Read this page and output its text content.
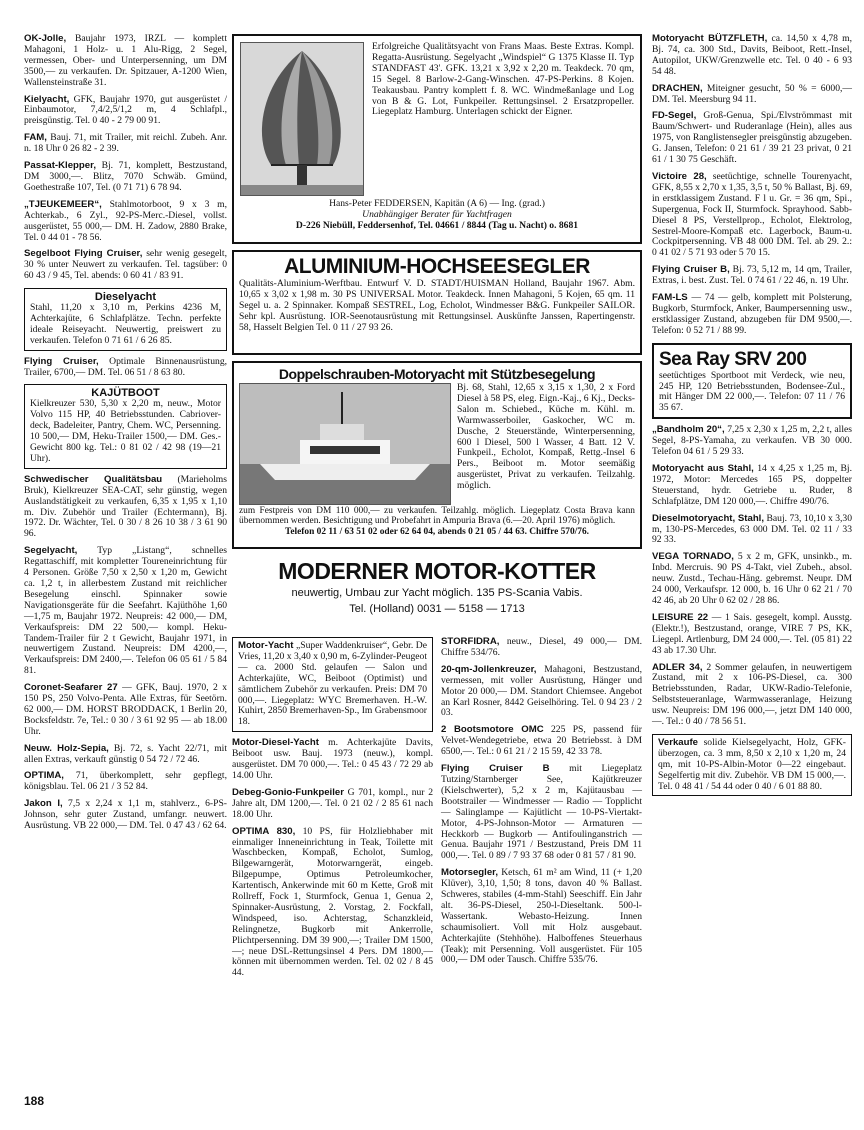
OK-Jolle, Baujahr 1973, IRZL — komplett Mahagoni, 1 Holz- u. 1 Alu-Rigg, 2 Segel, vermessen, Ober- und Unterpersenning, um DM 3500,— zu verkaufen. Dr. Spitzauer, A-1200 Wien, Wallensteinstraße 31.
Kielyacht, GFK, Baujahr 1970, gut ausgerüstet / Einbaumotor, 7,4/2,5/1,2 m, 4 Schlafpl., preisgünstig. Tel. 0 40 - 2 79 00 91.
FAM, Bauj. 71, mit Trailer, mit reichl. Zubeh. Anr. n. 18 Uhr 0 26 82 - 2 39.
Passat-Klepper, Bj. 71, komplett, Bestzustand, DM 3000,—. Blitz, 7070 Schwäb. Gmünd, Goethestraße 107, Tel. (0 71 71) 6 78 94.
„TJEUKEMEER“, Stahlmotorboot, 9 x 3 m, Achterkab., 6 Zyl., 92-PS-Merc.-Diesel, vollst. ausgerüstet, 55 000,— DM. H. Zadow, 2880 Brake, Tel. 0 44 01 - 78 56.
Segelboot Flying Cruiser, sehr wenig gesegelt, 30 % unter Neuwert zu verkaufen. Tel. tagsüber: 0 60 43 / 9 45, Tel. abends: 0 60 41 / 83 91.
Dieselyacht
Stahl, 11,20 x 3,10 m, Perkins 4236 M, Achterkajüte, 6 Schlafplätze. Techn. perfekte ideale Reiseyacht. Neuwertig, preiswert zu verkaufen. Telefon 0 71 61 / 6 26 85.
Flying Cruiser, Optimale Binnenausrüstung, Trailer, 6700,— DM. Tel. 06 51 / 8 63 80.
KAJÜTBOOT
Kielkreuzer 530, 5,30 x 2,20 m, neuw., Motor Volvo 115 HP, 40 Betriebsstunden. Cabriover-deck, Badeleiter, Pantry, Chem. WC, Persenning. 10 500,— DM, Heku-Trailer 1500,— DM. Ges.-Gewicht 800 kg. Tel.: 0 81 02 / 42 98 (19—21 Uhr).
Schwedischer Qualitätsbau (Marieholms Bruk), Kielkreuzer SEA-CAT, sehr günstig, wegen Auslandstätigkeit zu verkaufen, 6,35 x 1,95 x 1,10 m. Div. Zubehör und Trailer (Echtermann), Bj. 1972. Dr. Wächter, Tel. 0 30 / 8 26 10 38 / 3 61 90 96.
Segelyacht, Typ „Listang“, schnelles Regattaschiff, mit kompletter Toureneinrichtung für 4 Personen. Größe 7,50 x 2,50 x 1,20 m, Gewicht ca. 1,2 t, in allerbestem Zustand mit reichlicher Besegelung einschl. Spinnaker sowie Navigationsgeräte für die Seefahrt. Kajüthöhe 1,60—1,75 m, Baujahr 1972. Neupreis: 42 000,— DM, Verkaufspreis: DM 22 500,— kompl. Heku-Tandem-Trailer für 2 t Gewicht, Baujahr 1971, in neuwertigem Zustand. Neupreis: DM 4200,—, Verkaufspreis: DM 2400,—. Telefon 06 05 61 / 5 84 81.
Coronet-Seafarer 27 — GFK, Bauj. 1970, 2 x 150 PS, 250 Volvo-Penta. Alle Extras, für Seetörn. 62 000,— DM. HORST BRODDACK, 1 Berlin 20, Bocksfeldstr. 7e, Tel.: 0 30 / 3 61 92 95 — ab 18.00 Uhr.
Neuw. Holz-Sepia, Bj. 72, s. Yacht 22/71, mit allen Extras, verkauft günstig 0 54 72 / 72 46.
OPTIMA, 71, überkomplett, sehr gepflegt, königsblau. Tel. 06 21 / 3 52 84.
Jakon I, 7,5 x 2,24 x 1,1 m, stahlverz., 6-PS-Johnson, sehr guter Zustand, umfangr. neuwert. Ausrüstung. VB 22 000,— DM. Tel. 0 47 43 / 62 64.
Erfolgreiche Qualitätsyacht von Frans Maas. Beste Extras. Kompl. Regatta-Ausrüstung. Segelyacht „Windspiel“ G 1375 Klasse II. Typ STANDFAST 43'. GFK. 13,21 x 3,92 x 2,20 m. Teakdeck. 70 qm, 15 Segel. 8 Barlow-2-Gang-Winschen. 47-PS-Perkins. 8 Kojen. Teakausbau. Pantry komplett f. 8. WC. Windmeßanlage und Log von B & G. Lot, Funkpeiler. Rettungsinsel. 2 Ersatzpropeller. Liegeplatz Hamburg. Unterlagen schickt der Eigner.
Hans-Peter FEDDERSEN, Kapitän (A 6) — Ing. (grad.)
Unabhängiger Berater für Yachtfragen
D-226 Niebüll, Feddersenhof, Tel. 04661 / 8844 (Tag u. Nacht) o. 8681
ALUMINIUM-HOCHSEESEGLER
Qualitäts-Aluminium-Werftbau. Entwurf V. D. STADT/HUISMAN Holland, Baujahr 1967. Abm. 10,65 x 3,02 x 1,98 m. 30 PS UNIVERSAL Motor. Teakdeck. Innen Mahagoni, 5 Kojen, 65 qm. 11 Segel u. a. 2 Spinnaker. Kompaß SESTREL, Log, Echolot, Windmesser B&G. Funkpeiler SAILOR. Sehr kpl. Ausrüstung. IOR-Seenotausrüstung mit Rettungsinsel. Auskünfte Janssen, Rapertingenstr. 58, Hasselt Belgien Tel. 0 11 / 27 93 26.
Doppelschrauben-Motoryacht mit Stützbesegelung
Bj. 68, Stahl, 12,65 x 3,15 x 1,30, 2 x Ford Diesel à 58 PS, eleg. Eign.-Kaj., 6 Kj., Decks-Salon m. Schiebed., Küche m. Kühl. m. Warmwasserboiler, Gaskocher, WC m. Dusche, 2 Steuerstände, Winterpersenning, 600 l Diesel, 500 l Wasser, 4 Batt. 12 V. Funkpeil., Echolot, Kompaß, Rettg.-Insel 6 Pers., Beiboot m. Motor seemäßig ausgerüstet, Privat zu verkaufen. Teilzahlg. möglich.
zum Festpreis von DM 110 000,— zu verkaufen. Teilzahlg. möglich. Liegeplatz Costa Brava kann übernommen werden. Besichtigung und Probefahrt in Ampuria Brava (6.—20. April 1976) möglich.
Telefon 02 11 / 63 51 02 oder 62 64 04, abends 0 21 05 / 44 63. Chiffre 570/76.
MODERNER MOTOR-KOTTER
neuwertig, Umbau zur Yacht möglich. 135 PS-Scania Vabis.
Tel. (Holland) 0031 — 5158 — 1713
Motor-Yacht „Super Waddenkruiser“, Gebr. De Vries, 11,20 x 3,40 x 0,90 m, 6-Zylinder-Peugeot — ca. 2000 Std. gelaufen — Salon und Achterkajüte, WC, Beiboot (Optimist) und sämtlichem Zubehör zu verkaufen. Preis: DM 70 000,—. Liegeplatz: WYC Bremerhaven. H.-W. Kuhirt, 2850 Bremerhaven-Sp., Im Grabensmoor 18.
Motor-Diesel-Yacht m. Achterkajüte Davits, Beiboot usw. Bauj. 1973 (neuw.), kompl. ausgerüstet. DM 70 000,—. Tel.: 0 45 43 / 72 29 ab 14.00 Uhr.
Debeg-Gonio-Funkpeiler G 701, kompl., nur 2 Jahre alt, DM 1200,—. Tel. 0 21 02 / 2 85 61 nach 18.00 Uhr.
OPTIMA 830, 10 PS, für Holzliebhaber mit einmaliger Inneneinrichtung in Teak, Toilette mit Waschbecken, Kompaß, Echolot, Sumlog, Bilgewarngerät, Motorwarngerät, eingeb. Bilgepumpe, Optimus Petroleumkocher, Kartentisch, Ankerwinde mit 60 m Kette, Groß mit Rollreff, Fock 1, Sturmfock, Genua 1, Genua 2, Spinnaker-Ausrüstung, 2. Vorstag, 2. Fockfall, Windspeed, iso. Achterstag, Schanzkleid, Relingnetze, Bugkorb mit Ankerrolle, Plichtpersenning. DM 39 900,—; Trailer DM 1500,—; neue DSL-Rettungsinsel 4 Pers. DM 1800,— können mit übernommen werden. Tel. 02 02 / 8 45 44.
STORFIDRA, neuw., Diesel, 49 000,— DM. Chiffre 534/76.
20-qm-Jollenkreuzer, Mahagoni, Bestzustand, vermessen, mit voller Ausrüstung, Hänger und Motor 20 000,— DM. Standort Chiemsee. Angebot an Karl Rosner, 8442 Geiselhöring. Tel. 0 94 23 / 2 03.
2 Bootsmotore OMC 225 PS, passend für Velvet-Wendegetriebe, etwa 20 Betriebsst. à DM 6500,—. Tel.: 0 61 21 / 2 15 59, 42 33 78.
Flying Cruiser B mit Liegeplatz Tutzing/Starnberger See, Kajütkreuzer (Kielschwerter), 5,2 x 2 m, Kajütausbau — Bootstrailer — Windmesser — Radio — Topplicht — Salinglampe — Kajütlicht — 10-PS-Viertakt-Motor, 4-PS-Johnson-Motor — Armaturen — Heckkorb — Bugkorb — Antifoulinganstrich — Genua. Baujahr 1971 / Bestzustand, Preis DM 11 000,—. Tel. 0 89 / 7 93 37 68 oder 0 81 57 / 81 90.
Motorsegler, Ketsch, 61 m² am Wind, 11 (+ 1,20 Klüver), 3,10, 1,50; 8 tons, davon 40 % Ballast. Schweres, stabiles (4-mm-Stahl) Seeschiff. Ein Jahr alt. 36-PS-Diesel, 250-l-Dieseltank. 500-l-Wassertank. Webasto-Heizung. Innen schaumisoliert. Voll mit Holz ausgebaut. Achterkajüte (Stehhöhe). Halboffenes Steuerhaus (Teak); mit Persenning. Voll ausgerüstet. Für 105 000,— DM oder Tausch. Chiffre 535/76.
Motoryacht BÜTZFLETH, ca. 14,50 x 4,78 m, Bj. 74, ca. 300 Std., Davits, Beiboot, Rett.-Insel, Autopilot, UKW/Grenzwelle etc. Tel. 0 40 - 6 93 54 48.
DRACHEN, Miteigner gesucht, 50 % = 6000,— DM. Tel. Meersburg 94 11.
FD-Segel, Groß-Genua, Spi./Elvströmmast mit Baum/Schwert- und Ruderanlage (Hein), alles aus 1975, von Ranglistensegler preisgünstig abzugeben. G. Jansen, Telefon: 0 21 61 / 39 21 23 privat, 0 21 61 / 1 30 75 Geschäft.
Victoire 28, seetüchtige, schnelle Tourenyacht, GFK, 8,55 x 2,70 x 1,35, 3,5 t, 50 % Ballast, Bj. 69, in erstklassigem Zustand. F l u. Gr. = 36 qm, Spi., Supergenua, Fock II, Sturmfock. Sprayhood. Sabb-Diesel 8 PS, Verstellprop., Echolot, Elektrolog, Sestrel-Moore-Kompaß etc. Lagerbock, Baum-u. Cockpitpersenning. VB 48 000 DM. Tel. ab 29. 2.: 0 41 02 / 5 71 93 oder 5 70 15.
Flying Cruiser B, Bj. 73, 5,12 m, 14 qm, Trailer, Extras, i. best. Zust. Tel. 0 74 61 / 22 46, n. 19 Uhr.
FAM-LS — 74 — gelb, komplett mit Polsterung, Bugkorb, Sturmfock, Anker, Baumpersenning usw., erstklassiger Zustand, abzugeben für DM 9500,—. Telefon: 0 52 71 / 88 99.
Sea Ray SRV 200
seetüchtiges Sportboot mit Verdeck, wie neu, 245 HP, 120 Betriebsstunden, Bodensee-Zul., mit Hänger DM 22 000,—. Telefon: 07 11 / 76 35 67.
„Bandholm 20“, 7,25 x 2,30 x 1,25 m, 2,2 t, alles Segel, 8-PS-Yamaha, zu verkaufen. VB 30 000. Telefon 04 61 / 5 29 33.
Motoryacht aus Stahl, 14 x 4,25 x 1,25 m, Bj. 1972, Motor: Mercedes 165 PS, doppelter Steuerstand, hydr. Getriebe u. Ruder, 8 Schlafplätze, DM 120 000,—. Chiffre 490/76.
Dieselmotoryacht, Stahl, Bauj. 73, 10,10 x 3,30 m, 130-PS-Mercedes, 63 000 DM. Tel. 02 11 / 33 92 33.
VEGA TORNADO, 5 x 2 m, GFK, unsinkb., m. Inbd. Mercruis. 90 PS 4-Takt, viel Zubeh., absol. neuw. Zustd., Techau-Häng. gebremst. Neupr. DM 24 000, Verkaufspr. 12 000, b. 16 Uhr 0 62 21 / 70 42 46, ab 20 Uhr 0 62 02 / 28 86.
LEISURE 22 — 1 Sais. gesegelt, kompl. Ausstg. (Elektr.!), Bestzustand, orange, VIRE 7 PS, KK, Liegepl. Artlenburg, DM 24 000,—. Tel. (05 81) 22 43 ab 17.30 Uhr.
ADLER 34, 2 Sommer gelaufen, in neuwertigem Zustand, mit 2 x 106-PS-Diesel, ca. 300 Betriebsstunden, Radar, UKW-Radio-Telefonie, Selbststeueranlage, Warmwasseranlage, Heizung usw. Neupreis: DM 196 000,—, jetzt DM 140 000,—. Tel.: 0 40 / 78 56 51.
Verkaufe solide Kielsegelyacht, Holz, GFK-überzogen, ca. 3 mm, 8,50 x 2,10 x 1,20 m, 24 qm, mit 10-PS-Albin-Motor 0—22 eingebaut. Segelfertig mit div. Zubehör. VB DM 15 000,—. Tel. 0 48 41 / 54 44 oder 0 40 / 6 01 88 80.
188
